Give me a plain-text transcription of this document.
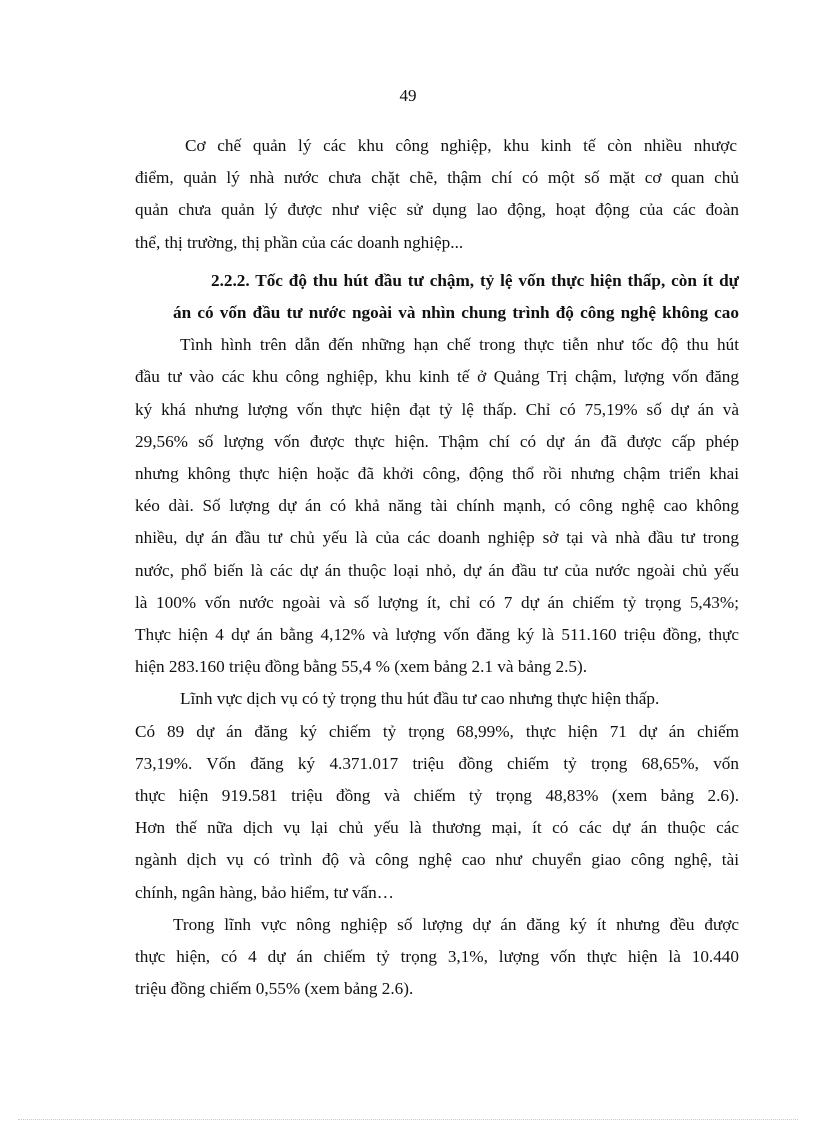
49

Cơ chế quản lý các khu công nghiệp, khu kinh tế còn nhiều nhược
điểm, quản lý nhà nước chưa chặt chẽ, thậm chí có một số mặt cơ quan chủ
quản chưa quản lý được như việc sử dụng lao động, hoạt động của các đoàn
thể, thị trường, thị phần của các doanh nghiệp...

2.2.2. Tốc độ thu hút đầu tư chậm, tỷ lệ vốn thực hiện thấp, còn ít dự
án có vốn đầu tư nước ngoài và nhìn chung trình độ công nghệ không cao

Tình hình trên dẫn đến những hạn chế trong thực tiễn như tốc độ thu hút
đầu tư vào các khu công nghiệp, khu kinh tế ở Quảng Trị chậm, lượng vốn đăng
ký khá nhưng lượng vốn thực hiện đạt tỷ lệ thấp. Chỉ có 75,19% số dự án và
29,56% số lượng vốn được thực hiện. Thậm chí có dự án đã được cấp phép
nhưng không thực hiện hoặc đã khởi công, động thổ rồi nhưng chậm triển khai
kéo dài. Số lượng dự án có khả năng tài chính mạnh, có công nghệ cao không
nhiều, dự án đầu tư chủ yếu là của các doanh nghiệp sở tại và nhà đầu tư trong
nước, phổ biến là các dự án thuộc loại nhỏ, dự án đầu tư của nước ngoài chủ yếu
là 100% vốn nước ngoài và số lượng ít, chỉ có 7 dự án chiếm tỷ trọng 5,43%;
Thực hiện 4 dự án bằng 4,12% và lượng vốn đăng ký là 511.160 triệu đồng, thực
hiện 283.160 triệu đồng bằng 55,4 % (xem bảng 2.1 và bảng 2.5).

Lĩnh vực dịch vụ có tỷ trọng thu hút đầu tư cao nhưng thực hiện thấp.
Có 89 dự án đăng ký chiếm tỷ trọng 68,99%, thực hiện 71 dự án chiếm
73,19%. Vốn đăng ký 4.371.017 triệu đồng chiếm tỷ trọng 68,65%, vốn
thực hiện 919.581 triệu đồng và chiếm tỷ trọng 48,83% (xem bảng 2.6).
Hơn thế nữa dịch vụ lại chủ yếu là thương mại, ít có các dự án thuộc các
ngành dịch vụ có trình độ và công nghệ cao như chuyển giao công nghệ, tài
chính, ngân hàng, bảo hiểm, tư vấn…

Trong lĩnh vực nông nghiệp số lượng dự án đăng ký ít nhưng đều được
thực hiện, có 4 dự án chiếm tỷ trọng 3,1%, lượng vốn thực hiện là 10.440
triệu đồng chiếm 0,55% (xem bảng 2.6).
